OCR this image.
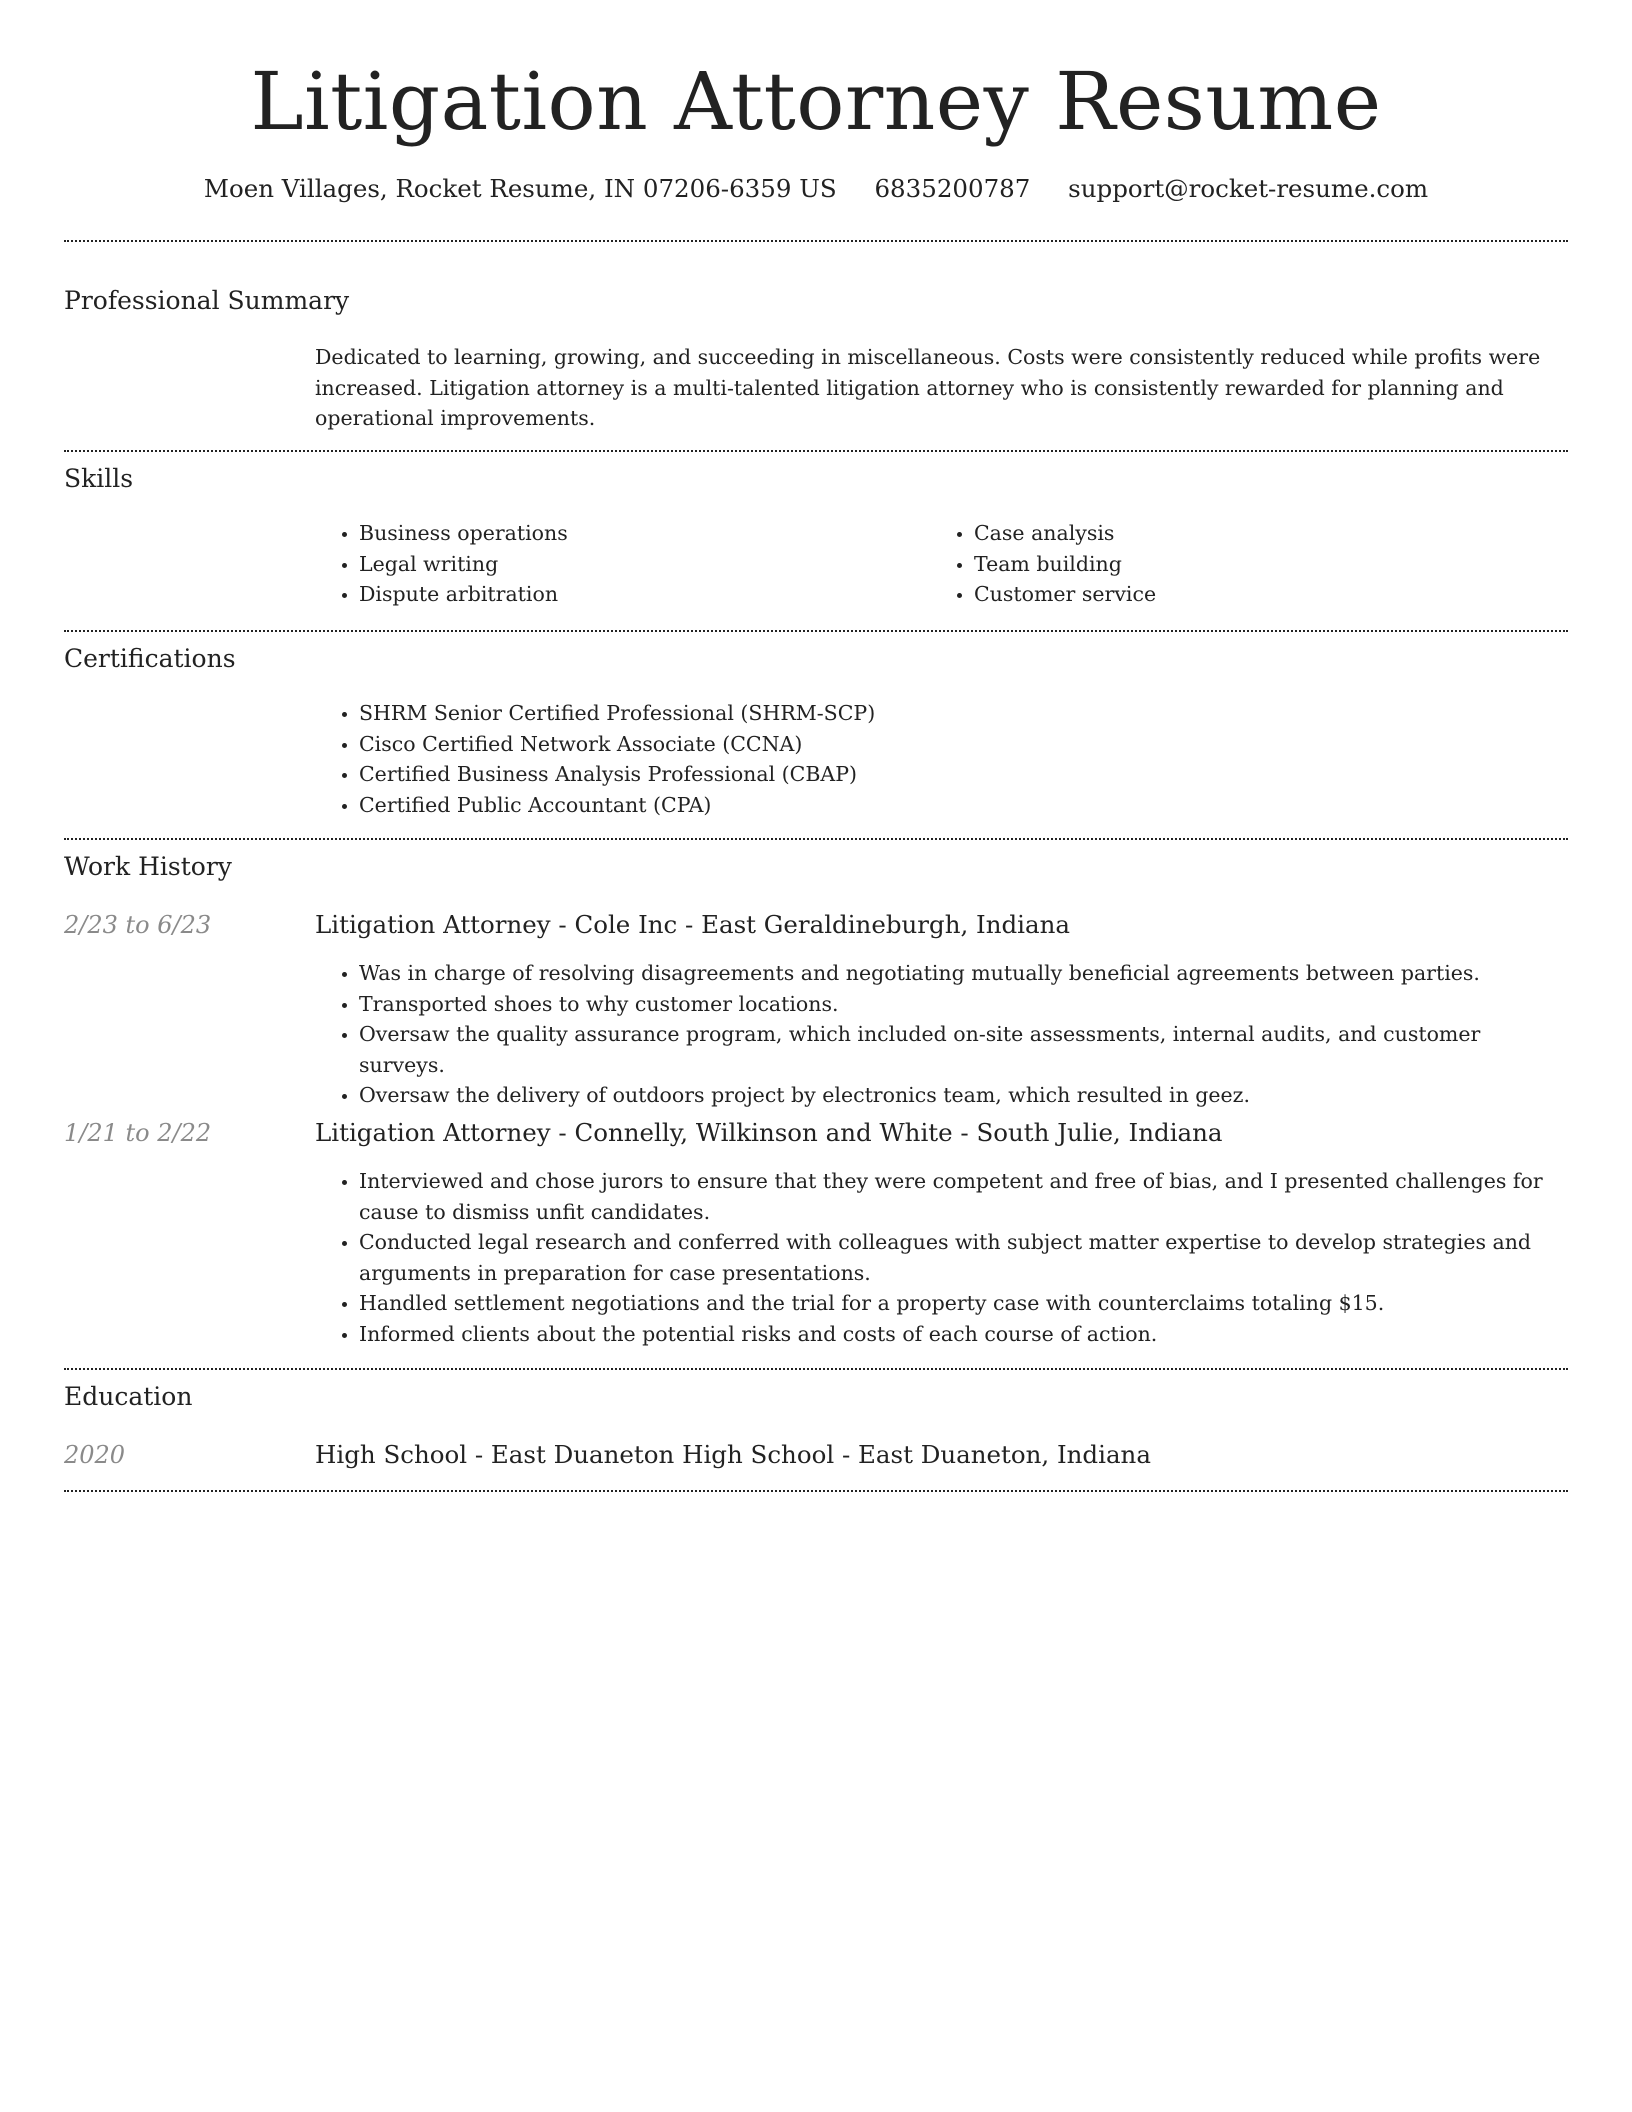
Litigation Attorney Resume
Moen Villages, Rocket Resume, IN 07206-6359 US 6835200787 support@rocket-resume.com
Professional Summary

Dedicated to learning, growing, and succeeding in miscellaneous. Costs were consistently reduced while profits were increased. Litigation attorney is a multi-talented litigation attorney who is consistently rewarded for planning and operational improvements.

Skills
• Business operations
• Legal writing
• Dispute arbitration
• Case analysis
• Team building
• Customer service
Certifications
• SHRM Senior Certified Professional (SHRM-SCP)
• Cisco Certified Network Associate (CCNA)
• Certified Business Analysis Professional (CBAP)
• Certified Public Accountant (CPA)
Work History
2/23 to 6/23	Litigation Attorney - Cole Inc - East Geraldineburgh, Indiana
• Was in charge of resolving disagreements and negotiating mutually beneficial agreements between parties.
• Transported shoes to why customer locations.
• Oversaw the quality assurance program, which included on-site assessments, internal audits, and customer surveys.
• Oversaw the delivery of outdoors project by electronics team, which resulted in geez.
1/21 to 2/22	Litigation Attorney - Connelly, Wilkinson and White - South Julie, Indiana
• Interviewed and chose jurors to ensure that they were competent and free of bias, and I presented challenges for cause to dismiss unfit candidates.
• Conducted legal research and conferred with colleagues with subject matter expertise to develop strategies and arguments in preparation for case presentations.
• Handled settlement negotiations and the trial for a property case with counterclaims totaling $15.
• Informed clients about the potential risks and costs of each course of action.
Education
2020	High School - East Duaneton High School - East Duaneton, Indiana
